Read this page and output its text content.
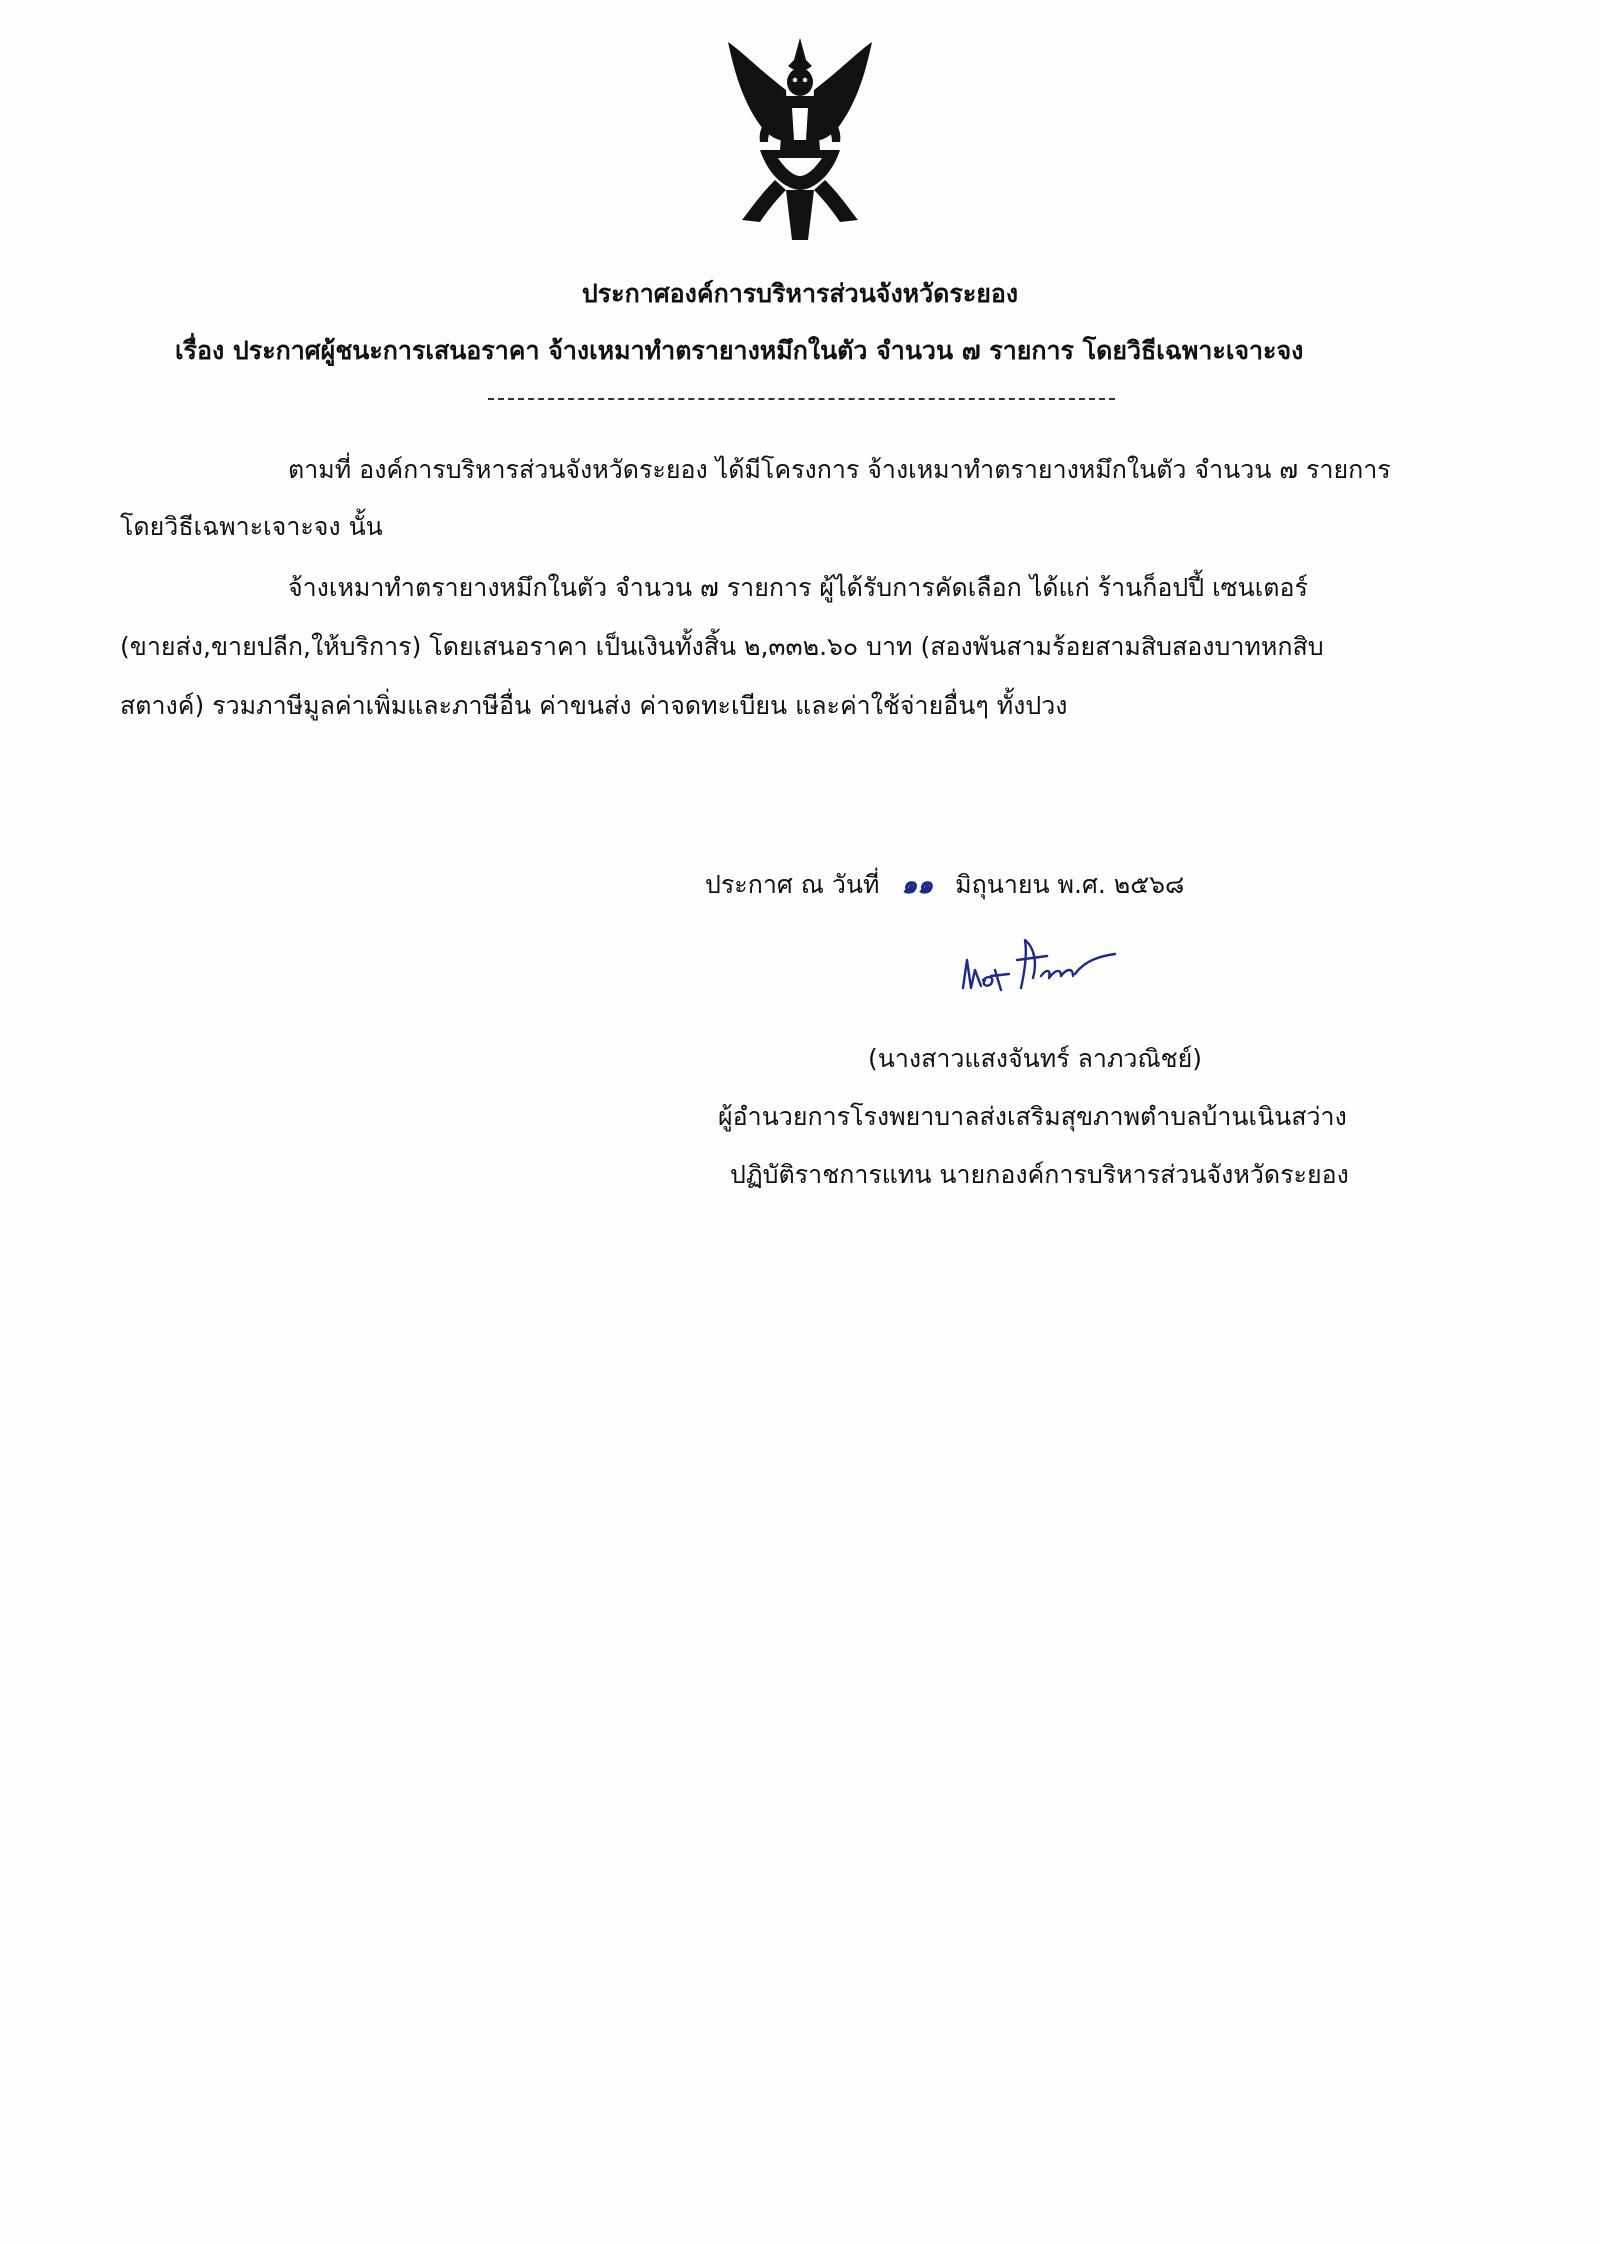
ประกาศองค์การบริหารส่วนจังหวัดระยอง
เรื่อง ประกาศผู้ชนะการเสนอราคา จ้างเหมาทำตรายางหมึกในตัว จำนวน ๗ รายการ โดยวิธีเฉพาะเจาะจง
ตามที่ องค์การบริหารส่วนจังหวัดระยอง ได้มีโครงการ จ้างเหมาทำตรายางหมึกในตัว จำนวน ๗ รายการ
โดยวิธีเฉพาะเจาะจง นั้น
จ้างเหมาทำตรายางหมึกในตัว จำนวน ๗ รายการ ผู้ได้รับการคัดเลือก ได้แก่ ร้านก็อปปี้ เซนเตอร์
(ขายส่ง,ขายปลีก,ให้บริการ) โดยเสนอราคา เป็นเงินทั้งสิ้น ๒,๓๓๒.๖๐ บาท (สองพันสามร้อยสามสิบสองบาทหกสิบ
สตางค์) รวมภาษีมูลค่าเพิ่มและภาษีอื่น ค่าขนส่ง ค่าจดทะเบียน และค่าใช้จ่ายอื่นๆ ทั้งปวง
ประกาศ ณ วันที่ ๑๑ มิถุนายน พ.ศ. ๒๕๖๘
(นางสาวแสงจันทร์ ลาภวณิชย์)
ผู้อำนวยการโรงพยาบาลส่งเสริมสุขภาพตำบลบ้านเนินสว่าง
ปฏิบัติราชการแทน นายกองค์การบริหารส่วนจังหวัดระยอง
